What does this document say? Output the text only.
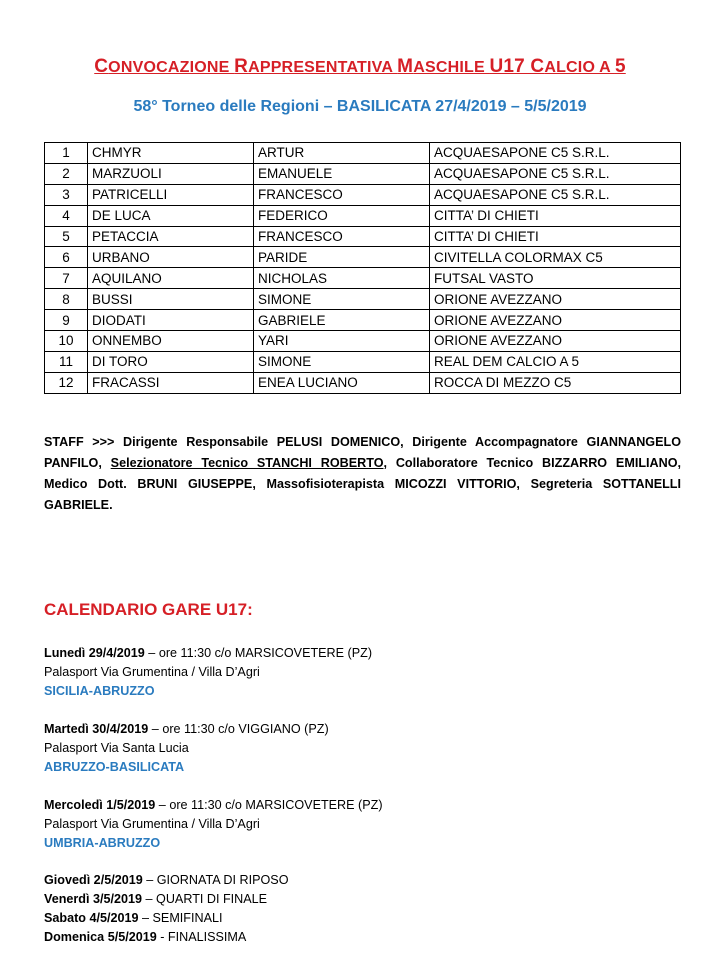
CONVOCAZIONE RAPPRESENTATIVA MASCHILE U17 CALCIO A 5
58° Torneo delle Regioni – BASILICATA 27/4/2019 – 5/5/2019
1	CHMYR	ARTUR	ACQUAESAPONE C5 S.R.L.
2	MARZUOLI	EMANUELE	ACQUAESAPONE C5 S.R.L.
3	PATRICELLI	FRANCESCO	ACQUAESAPONE C5 S.R.L.
4	DE LUCA	FEDERICO	CITTA’ DI CHIETI
5	PETACCIA	FRANCESCO	CITTA’ DI CHIETI
6	URBANO	PARIDE	CIVITELLA COLORMAX C5
7	AQUILANO	NICHOLAS	FUTSAL VASTO
8	BUSSI	SIMONE	ORIONE AVEZZANO
9	DIODATI	GABRIELE	ORIONE AVEZZANO
10	ONNEMBO	YARI	ORIONE AVEZZANO
11	DI TORO	SIMONE	REAL DEM CALCIO A 5
12	FRACASSI	ENEA LUCIANO	ROCCA DI MEZZO C5
STAFF >>> Dirigente Responsabile PELUSI DOMENICO, Dirigente Accompagnatore GIANNANGELO PANFILO, Selezionatore Tecnico STANCHI ROBERTO, Collaboratore Tecnico BIZZARRO EMILIANO, Medico Dott. BRUNI GIUSEPPE, Massofisioterapista MICOZZI VITTORIO, Segreteria SOTTANELLI GABRIELE.
CALENDARIO GARE U17:
Lunedì 29/4/2019 – ore 11:30 c/o MARSICOVETERE (PZ)
Palasport Via Grumentina / Villa D’Agri
SICILIA-ABRUZZO
Martedì 30/4/2019 – ore 11:30 c/o VIGGIANO (PZ)
Palasport Via Santa Lucia
ABRUZZO-BASILICATA
Mercoledì 1/5/2019 – ore 11:30 c/o MARSICOVETERE (PZ)
Palasport Via Grumentina / Villa D’Agri
UMBRIA-ABRUZZO
Giovedì 2/5/2019 – GIORNATA DI RIPOSO
Venerdì 3/5/2019 – QUARTI DI FINALE
Sabato 4/5/2019 – SEMIFINALI
Domenica 5/5/2019 - FINALISSIMA
